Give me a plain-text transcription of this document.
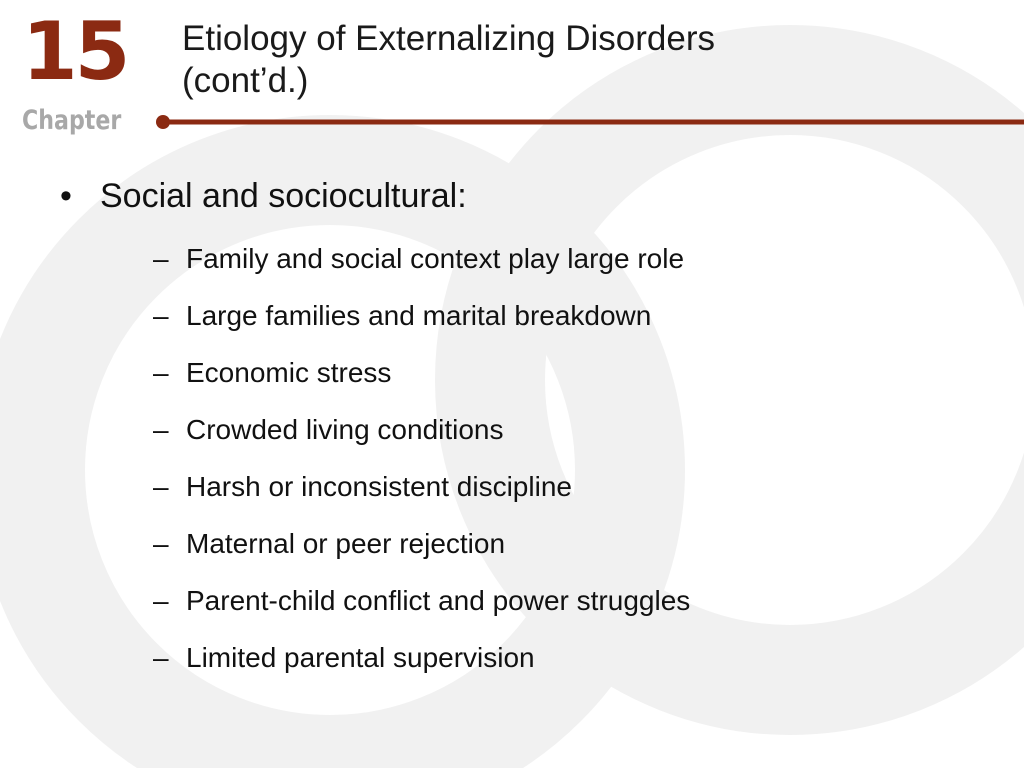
15
Chapter
Etiology of Externalizing Disorders
(cont’d.)
• Social and sociocultural:
– Family and social context play large role
– Large families and marital breakdown
– Economic stress
– Crowded living conditions
– Harsh or inconsistent discipline
– Maternal or peer rejection
– Parent-child conflict and power struggles
– Limited parental supervision
